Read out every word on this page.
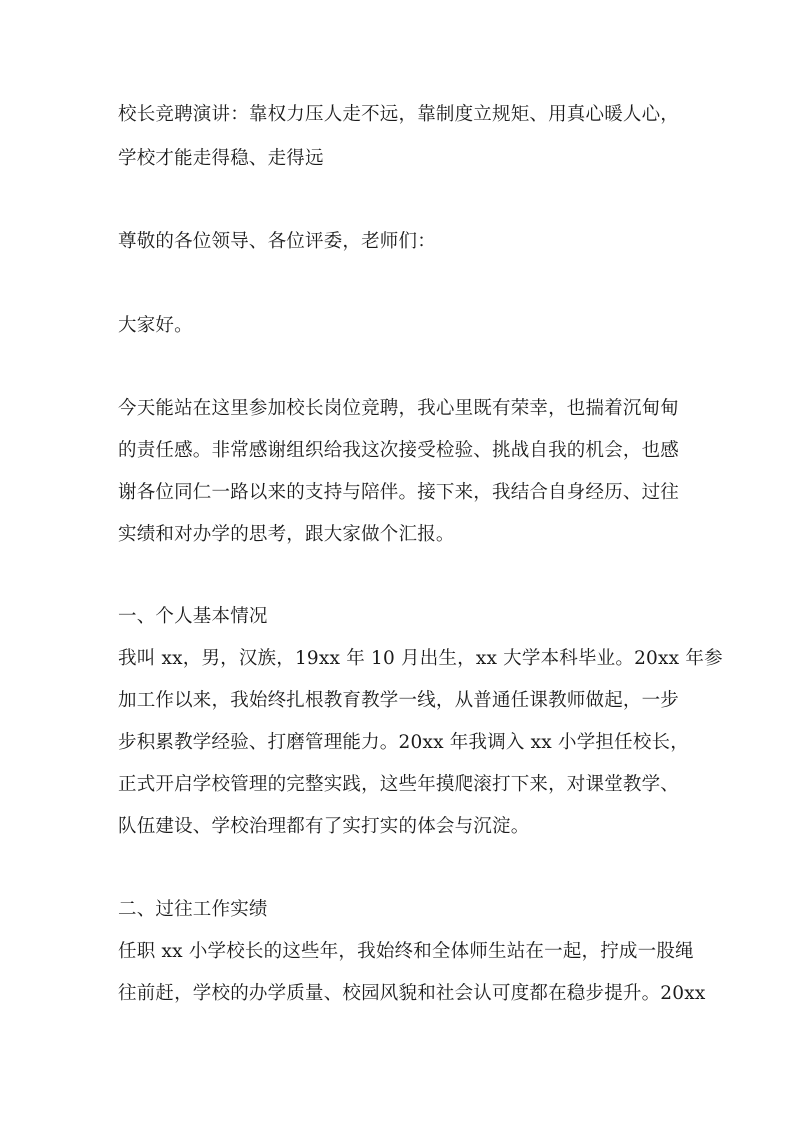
校长竞聘演讲：靠权力压人走不远，靠制度立规矩、用真心暖人心，
学校才能走得稳、走得远
尊敬的各位领导、各位评委，老师们：
大家好。
今天能站在这里参加校长岗位竞聘，我心里既有荣幸，也揣着沉甸甸
的责任感。非常感谢组织给我这次接受检验、挑战自我的机会，也感
谢各位同仁一路以来的支持与陪伴。接下来，我结合自身经历、过往
实绩和对办学的思考，跟大家做个汇报。
一、个人基本情况
我叫 xx，男，汉族，19xx 年 10 月出生，xx 大学本科毕业。20xx 年参
加工作以来，我始终扎根教育教学一线，从普通任课教师做起，一步
步积累教学经验、打磨管理能力。20xx 年我调入 xx 小学担任校长，
正式开启学校管理的完整实践，这些年摸爬滚打下来，对课堂教学、
队伍建设、学校治理都有了实打实的体会与沉淀。
二、过往工作实绩
任职 xx 小学校长的这些年，我始终和全体师生站在一起，拧成一股绳
往前赶，学校的办学质量、校园风貌和社会认可度都在稳步提升。20xx
